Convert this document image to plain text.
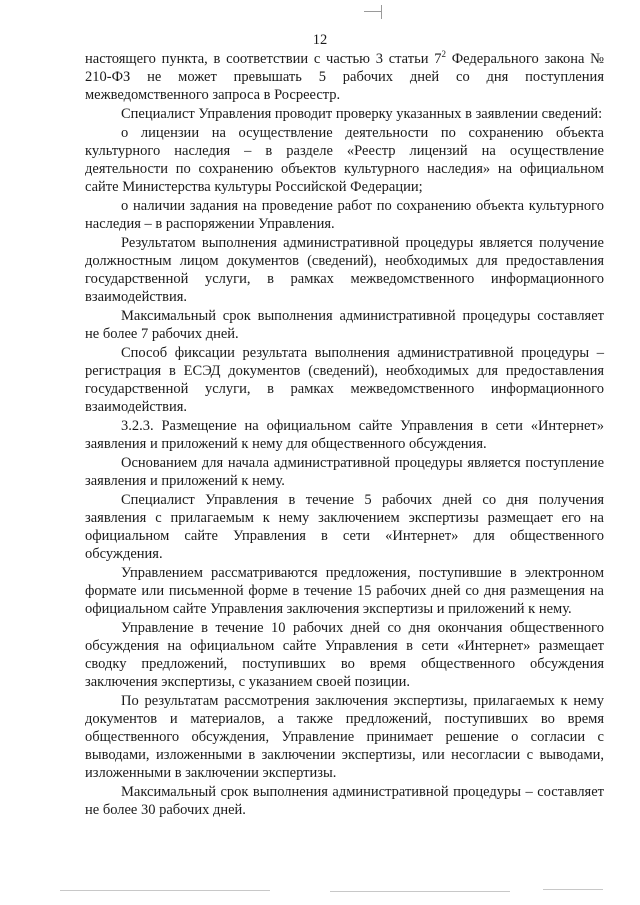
12

настоящего пункта, в соответствии с частью 3 статьи $7^2$ Федерального закона № 210-ФЗ не может превышать 5 рабочих дней со дня поступления межведомственного запроса в Росреестр.

Специалист Управления проводит проверку указанных в заявлении сведений:

о лицензии на осуществление деятельности по сохранению объекта культурного наследия – в разделе «Реестр лицензий на осуществление деятельности по сохранению объектов культурного наследия» на официальном сайте Министерства культуры Российской Федерации;

о наличии задания на проведение работ по сохранению объекта культурного наследия – в распоряжении Управления.

Результатом выполнения административной процедуры является получение должностным лицом документов (сведений), необходимых для предоставления государственной услуги, в рамках межведомственного информационного взаимодействия.

Максимальный срок выполнения административной процедуры составляет не более 7 рабочих дней.

Способ фиксации результата выполнения административной процедуры – регистрация в ЕСЭД документов (сведений), необходимых для предоставления государственной услуги, в рамках межведомственного информационного взаимодействия.

3.2.3. Размещение на официальном сайте Управления в сети «Интернет» заявления и приложений к нему для общественного обсуждения.

Основанием для начала административной процедуры является поступление заявления и приложений к нему.

Специалист Управления в течение 5 рабочих дней со дня получения заявления с прилагаемым к нему заключением экспертизы размещает его на официальном сайте Управления в сети «Интернет» для общественного обсуждения.

Управлением рассматриваются предложения, поступившие в электронном формате или письменной форме в течение 15 рабочих дней со дня размещения на официальном сайте Управления заключения экспертизы и приложений к нему.

Управление в течение 10 рабочих дней со дня окончания общественного обсуждения на официальном сайте Управления в сети «Интернет» размещает сводку предложений, поступивших во время общественного обсуждения заключения экспертизы, с указанием своей позиции.

По результатам рассмотрения заключения экспертизы, прилагаемых к нему документов и материалов, а также предложений, поступивших во время общественного обсуждения, Управление принимает решение о согласии с выводами, изложенными в заключении экспертизы, или несогласии с выводами, изложенными в заключении экспертизы.

Максимальный срок выполнения административной процедуры – составляет не более 30 рабочих дней.
